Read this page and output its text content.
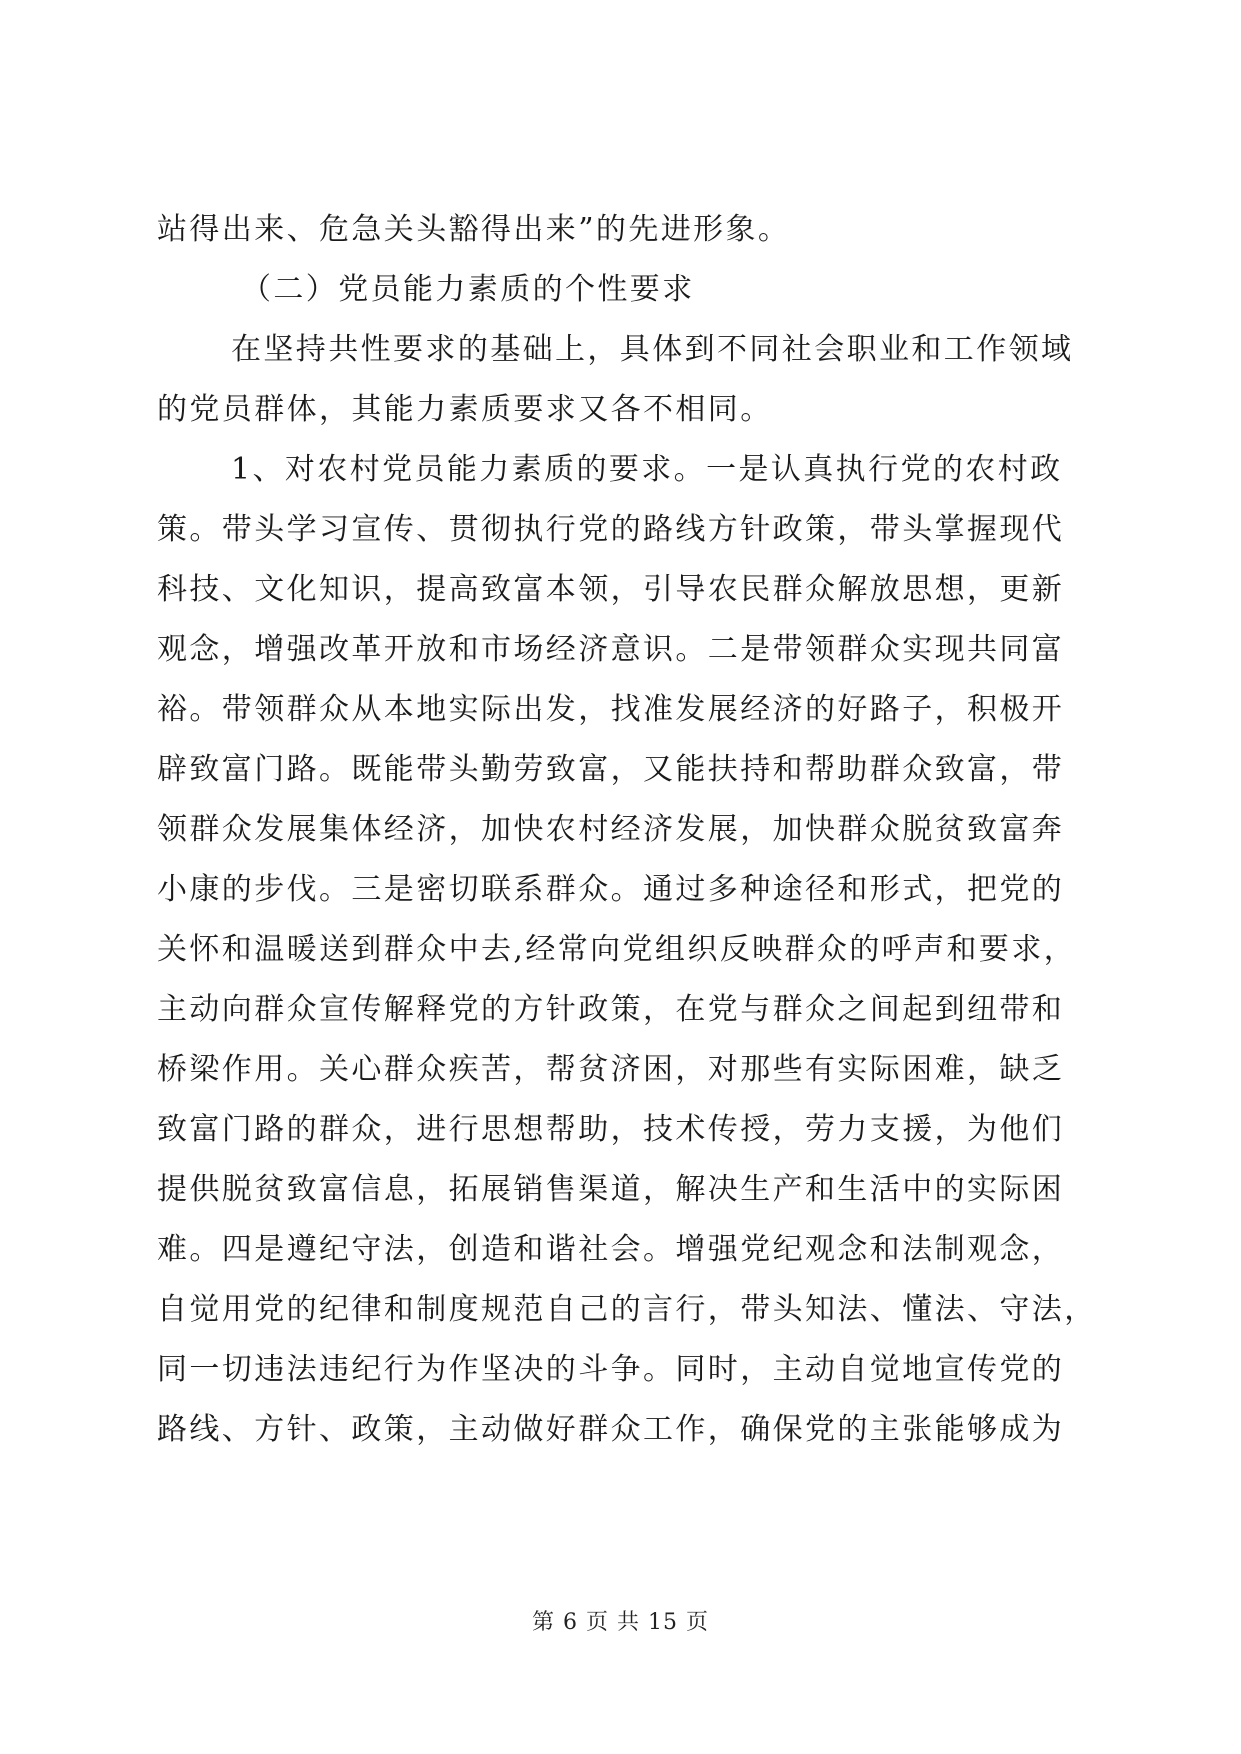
站得出来、危急关头豁得出来”的先进形象。
（二）党员能力素质的个性要求
在坚持共性要求的基础上，具体到不同社会职业和工作领域
的党员群体，其能力素质要求又各不相同。
1、对农村党员能力素质的要求。一是认真执行党的农村政
策。带头学习宣传、贯彻执行党的路线方针政策，带头掌握现代
科技、文化知识，提高致富本领，引导农民群众解放思想，更新
观念，增强改革开放和市场经济意识。二是带领群众实现共同富
裕。带领群众从本地实际出发，找准发展经济的好路子，积极开
辟致富门路。既能带头勤劳致富，又能扶持和帮助群众致富，带
领群众发展集体经济，加快农村经济发展，加快群众脱贫致富奔
小康的步伐。三是密切联系群众。通过多种途径和形式，把党的
关怀和温暖送到群众中去,经常向党组织反映群众的呼声和要求，
主动向群众宣传解释党的方针政策，在党与群众之间起到纽带和
桥梁作用。关心群众疾苦，帮贫济困，对那些有实际困难，缺乏
致富门路的群众，进行思想帮助，技术传授，劳力支援，为他们
提供脱贫致富信息，拓展销售渠道，解决生产和生活中的实际困
难。四是遵纪守法，创造和谐社会。增强党纪观念和法制观念，
自觉用党的纪律和制度规范自己的言行，带头知法、懂法、守法，
同一切违法违纪行为作坚决的斗争。同时，主动自觉地宣传党的
路线、方针、政策，主动做好群众工作，确保党的主张能够成为
第 6 页 共 15 页
